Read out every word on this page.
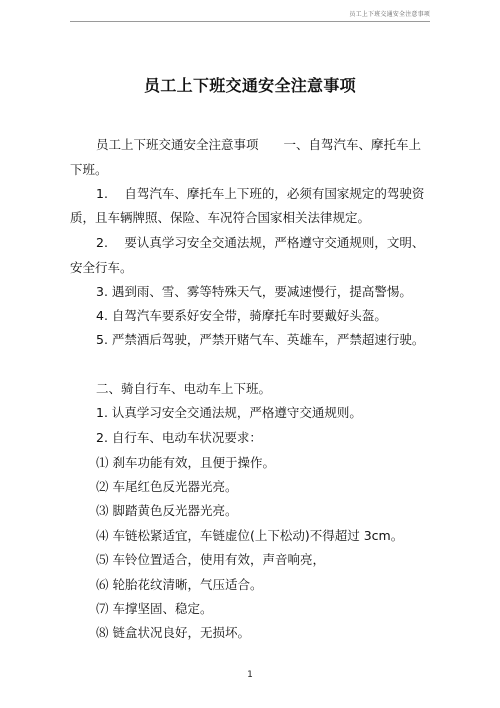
员工上下班交通安全注意事项
员工上下班交通安全注意事项
员工上下班交通安全注意事项　　一、自驾汽车、摩托车上
下班。
1.　 自驾汽车、摩托车上下班的，必须有国家规定的驾驶资
质，且车辆牌照、保险、车况符合国家相关法律规定。
2.　 要认真学习安全交通法规，严格遵守交通规则，文明、
安全行车。
3. 遇到雨、雪、雾等特殊天气，要减速慢行，提高警惕。
4. 自驾汽车要系好安全带，骑摩托车时要戴好头盔。
5. 严禁酒后驾驶，严禁开赌气车、英雄车，严禁超速行驶。
二、骑自行车、电动车上下班。
1. 认真学习安全交通法规，严格遵守交通规则。
2. 自行车、电动车状况要求：
⑴ 刹车功能有效，且便于操作。
⑵ 车尾红色反光器光亮。
⑶ 脚踏黄色反光器光亮。
⑷ 车链松紧适宜，车链虚位(上下松动)不得超过 3cm。
⑸ 车铃位置适合，使用有效，声音响亮，
⑹ 轮胎花纹清晰，气压适合。
⑺ 车撑坚固、稳定。
⑻ 链盒状况良好，无损坏。
1
